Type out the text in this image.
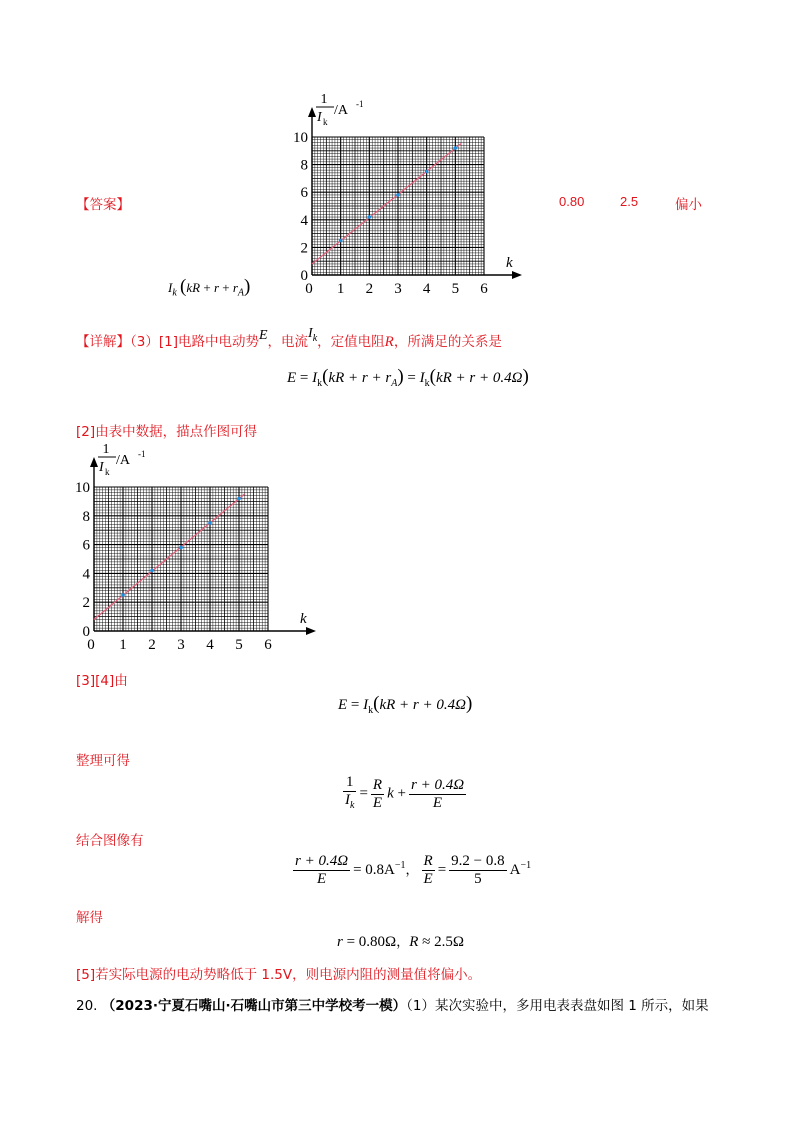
【答案】
0 1 2 3 4 5 6
0
2
4
6
8
10
k
1
I k
/A -1
0.80	2.5	偏小
$I_k$ $(kR + r + r_A)$
【详解】（3）[1]电路中电动势E，电流$I_k$，定值电阻R，所满足的关系是
$E = I_k(kR + r + r_A) = I_k(kR + r + 0.4\Omega)$
[2]由表中数据，描点作图可得
0 1 2 3 4 5 6
0
2
4
6
8
10
k
1
I k
/A -1
[3][4]由
$E = I_k(kR + r + 0.4\Omega)$
整理可得
$\frac{1}{I_k} = \frac{R}{E}$ $k + \frac{r + 0.4\Omega}{E}$
结合图像有
$\frac{r + 0.4\Omega}{E} = 0.8A^{-1}$， $\frac{R}{E} = \frac{9.2 - 0.8}{5} A^{-1}$
解得
r = 0.80Ω，R ≈ 2.5Ω
[5]若实际电源的电动势略低于 1.5V，则电源内阻的测量值将偏小。
20. （2023·宁夏石嘴山·石嘴山市第三中学校考一模）（1）某次实验中，多用电表表盘如图 1 所示，如果
